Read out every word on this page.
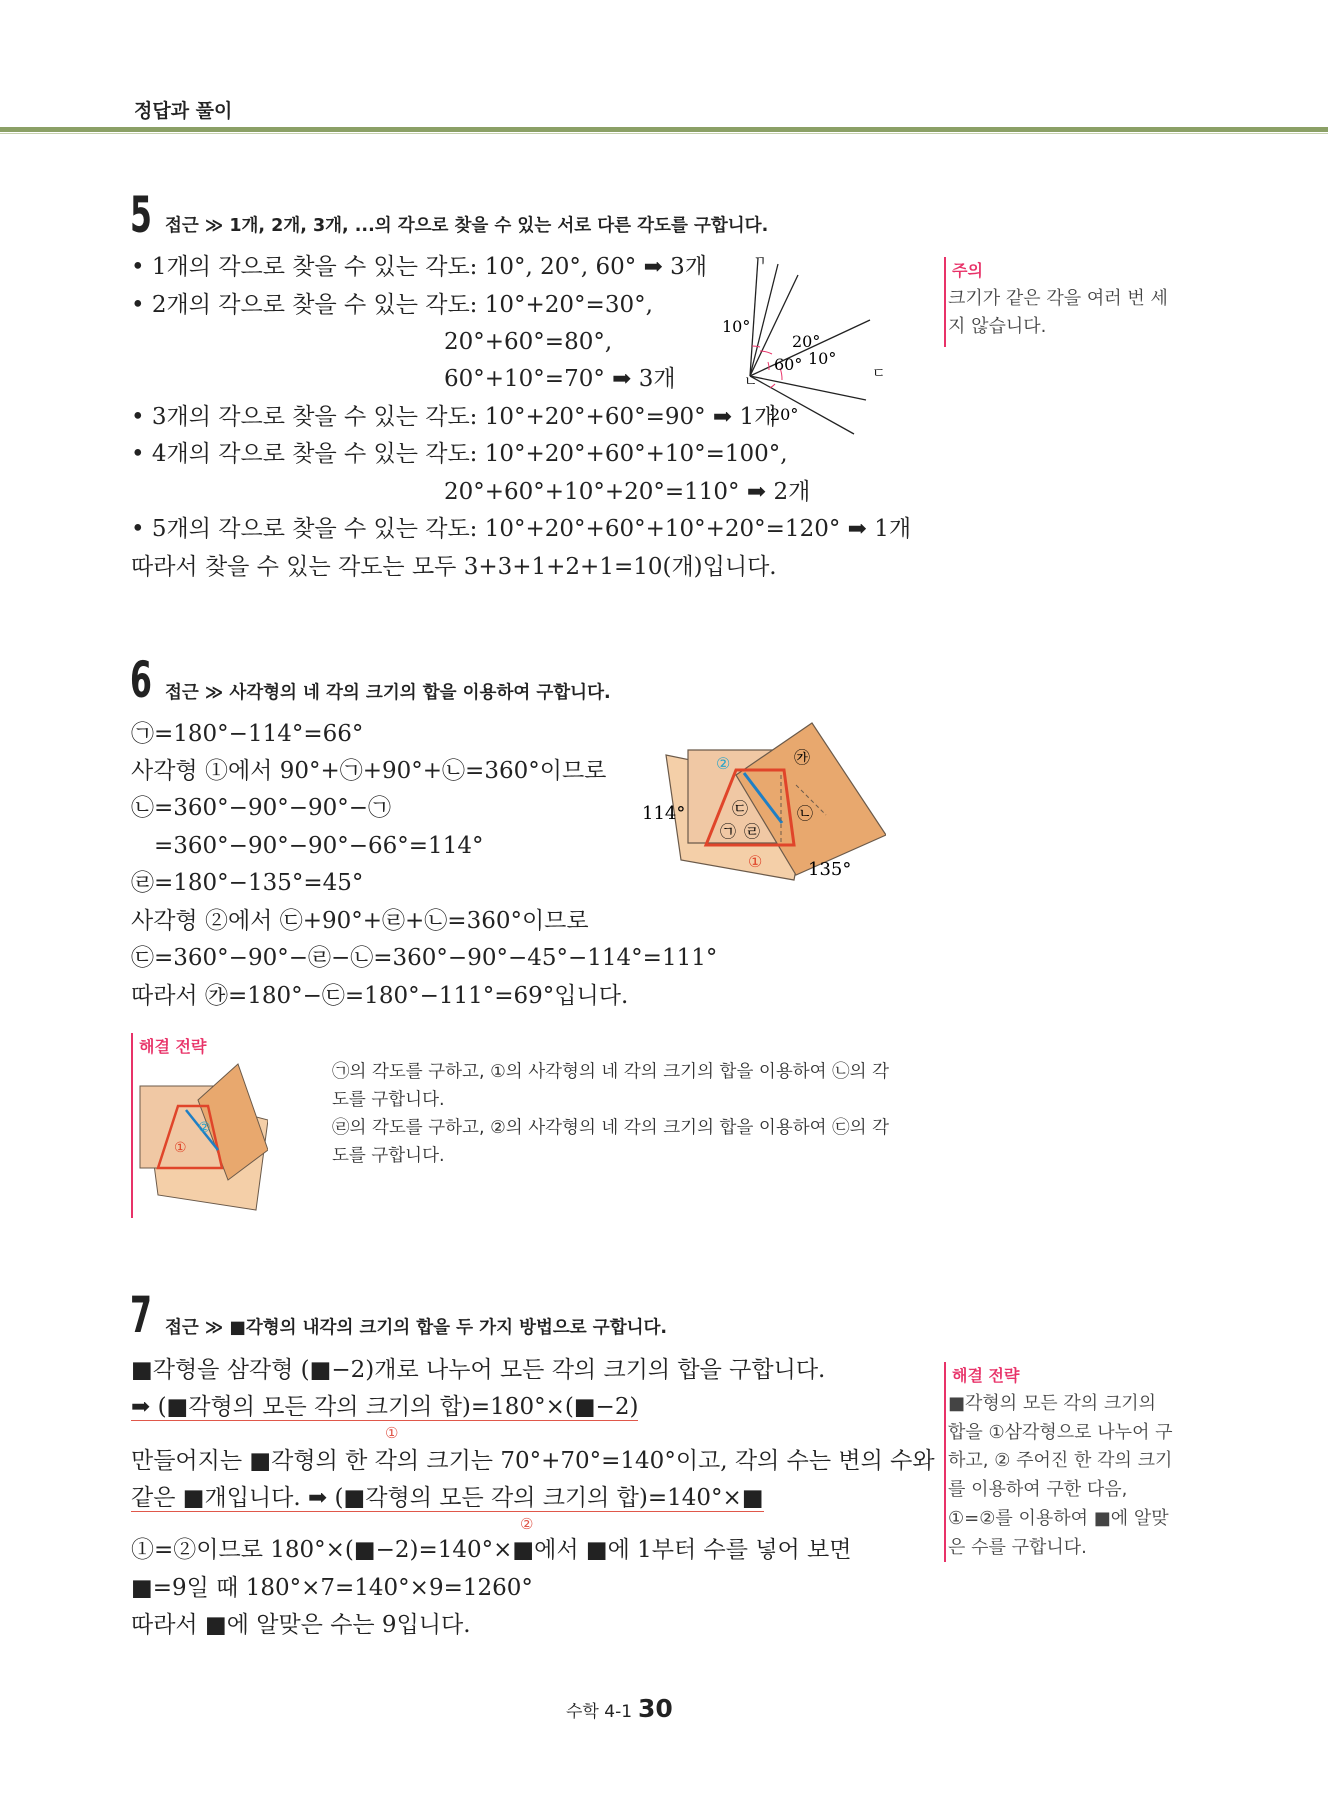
정답과 풀이
5 접근 ≫ 1개, 2개, 3개, ...의 각으로 찾을 수 있는 서로 다른 각도를 구합니다.
• 1개의 각으로 찾을 수 있는 각도: 10°, 20°, 60° ➡ 3개
• 2개의 각으로 찾을 수 있는 각도: 10°+20°=30°,
20°+60°=80°,
60°+10°=70° ➡ 3개
• 3개의 각으로 찾을 수 있는 각도: 10°+20°+60°=90° ➡ 1개
• 4개의 각으로 찾을 수 있는 각도: 10°+20°+60°+10°=100°,
20°+60°+10°+20°=110° ➡ 2개
• 5개의 각으로 찾을 수 있는 각도: 10°+20°+60°+10°+20°=120° ➡ 1개
따라서 찾을 수 있는 각도는 모두 3+3+1+2+1=10(개)입니다.
ㄱ
ㄴ	ㄷ
10°
20°
60° 10°
20°
주의
크기가 같은 각을 여러 번 세지 않습니다.
6 접근 ≫ 사각형의 네 각의 크기의 합을 이용하여 구합니다.
㉠=180°−114°=66°
사각형 ①에서 90°+㉠+90°+㉡=360°이므로
㉡=360°−90°−90°−㉠
=360°−90°−90°−66°=114°
㉣=180°−135°=45°
사각형 ②에서 ㉢+90°+㉣+㉡=360°이므로
㉢=360°−90°−㉣−㉡=360°−90°−45°−114°=111°
따라서 ㉮=180°−㉢=180°−111°=69°입니다.
②	㉮
㉢	㉡
㉠ ㉣
①
114°
135°
해결 전략
②
①
㉠의 각도를 구하고, ①의 사각형의 네 각의 크기의 합을 이용하여 ㉡의 각도를 구합니다.
㉣의 각도를 구하고, ②의 사각형의 네 각의 크기의 합을 이용하여 ㉢의 각도를 구합니다.
7 접근 ≫ ■각형의 내각의 크기의 합을 두 가지 방법으로 구합니다.
■각형을 삼각형 (■−2)개로 나누어 모든 각의 크기의 합을 구합니다.
➡ (■각형의 모든 각의 크기의 합)=180°×(■−2)
①
만들어지는 ■각형의 한 각의 크기는 70°+70°=140°이고, 각의 수는 변의 수와
같은 ■개입니다. ➡ (■각형의 모든 각의 크기의 합)=140°×■
②
①=②이므로 180°×(■−2)=140°×■에서 ■에 1부터 수를 넣어 보면
■=9일 때 180°×7=140°×9=1260°
따라서 ■에 알맞은 수는 9입니다.
해결 전략
■각형의 모든 각의 크기의 합을 ①삼각형으로 나누어 구하고, ② 주어진 한 각의 크기를 이용하여 구한 다음, ①=②를 이용하여 ■에 알맞은 수를 구합니다.
수학 4-1 30
